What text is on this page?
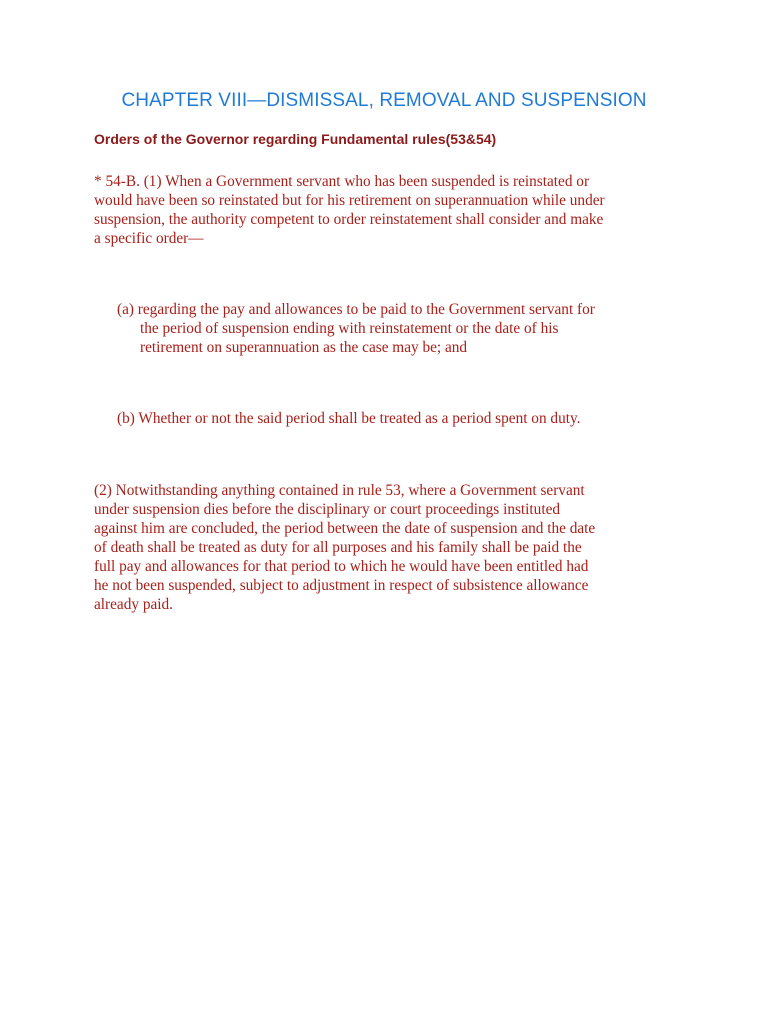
CHAPTER VIII—DISMISSAL, REMOVAL AND SUSPENSION
Orders of the Governor regarding Fundamental rules(53&54)
* 54-B. (1) When a Government servant who has been suspended is reinstated or
would have been so reinstated but for his retirement on superannuation while under
suspension, the authority competent to order reinstatement shall consider and make
a specific order—
(a) regarding the pay and allowances to be paid to the Government servant for
the period of suspension ending with reinstatement or the date of his
retirement on superannuation as the case may be; and
(b) Whether or not the said period shall be treated as a period spent on duty.
(2) Notwithstanding anything contained in rule 53, where a Government servant
under suspension dies before the disciplinary or court proceedings instituted
against him are concluded, the period between the date of suspension and the date
of death shall be treated as duty for all purposes and his family shall be paid the
full pay and allowances for that period to which he would have been entitled had
he not been suspended, subject to adjustment in respect of subsistence allowance
already paid.
